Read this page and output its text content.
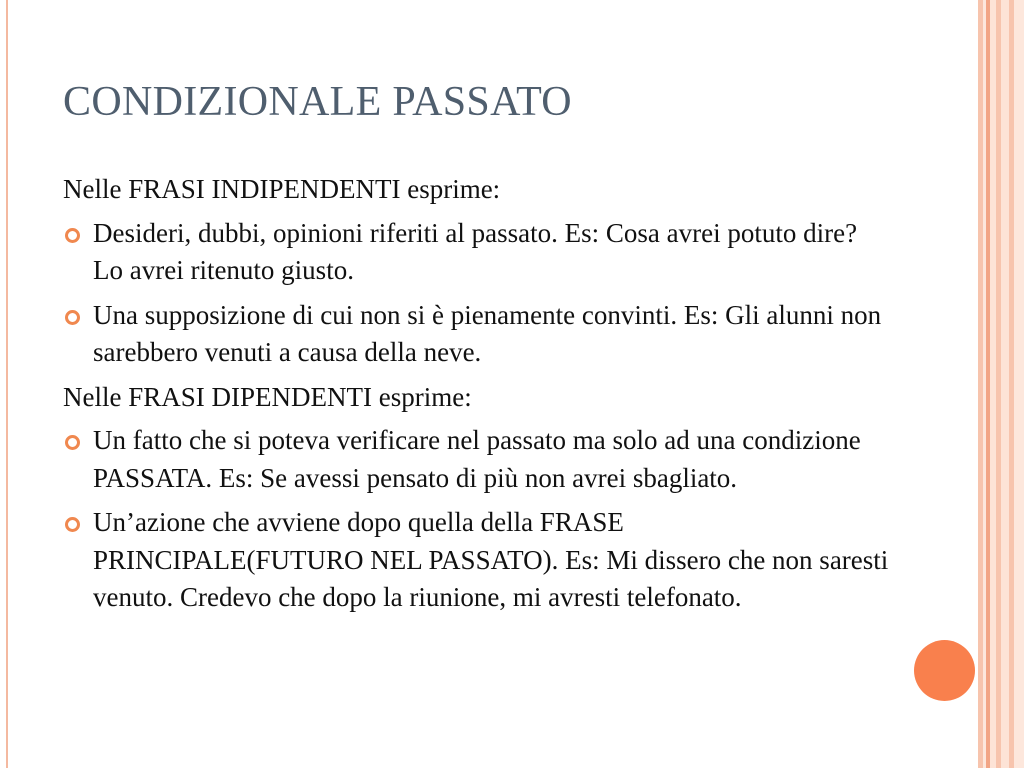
CONDIZIONALE PASSATO
Nelle FRASI INDIPENDENTI esprime:
Desideri, dubbi, opinioni riferiti al passato. Es: Cosa avrei potuto dire? Lo avrei ritenuto giusto.
Una supposizione di cui non si è pienamente convinti. Es: Gli alunni non sarebbero venuti a causa della neve.
Nelle FRASI DIPENDENTI esprime:
Un fatto che si poteva verificare nel passato ma solo ad una condizione PASSATA. Es: Se avessi pensato di più non avrei sbagliato.
Un’azione che avviene dopo quella della FRASE PRINCIPALE(FUTURO NEL PASSATO). Es: Mi dissero che non saresti venuto. Credevo che dopo la riunione, mi avresti telefonato.
